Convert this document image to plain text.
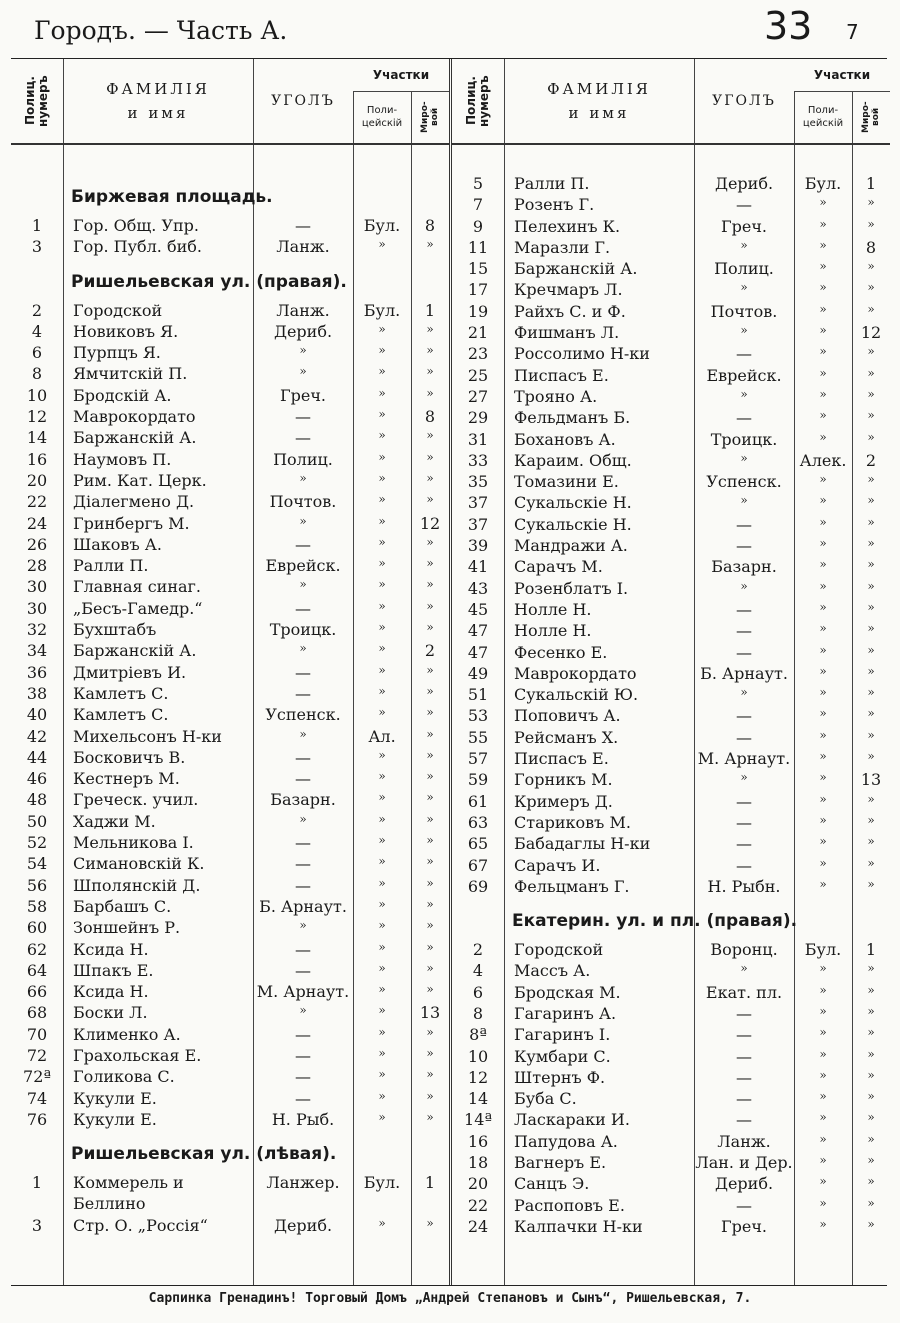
Городъ. — Часть А.	33 7
Полиц. нумеръ	ФАМИЛІЯ
и имя
УГОЛЪ
Участки
Поли- цейскій	Миро- вой
Биржевая площадь.
1	Гор. Общ. Упр.	—	Бул.	8
3	Гор. Публ. биб.	Ланж.	»	»
Ришельевская ул. (правая).
2	Городской	Ланж.	Бул.	1
4	Новиковъ Я.	Дериб.	»	»
6	Пурпцъ Я.	»	»	»
8	Ямчитскій П.	»	»	»
10	Бродскій А.	Греч.	»	»
12	Маврокордато	—	»	8
14	Баржанскій А.	—	»	»
16	Наумовъ П.	Полиц.	»	»
20	Рим. Кат. Церк.	»	»	»
22	Діалегмено Д.	Почтов.	»	»
24	Гринбергъ М.	»	»	12
26	Шаковъ А.	—	»	»
28	Ралли П.	Еврейск.	»	»
30	Главная синаг.	»	»	»
30	„Бесъ-Гамедр.“	—	»	»
32	Бухштабъ	Троицк.	»	»
34	Баржанскій А.	»	»	2
36	Дмитріевъ И.	—	»	»
38	Камлетъ С.	—	»	»
40	Камлетъ С.	Успенск.	»	»
42	Михельсонъ Н-ки	»	Ал.	»
44	Босковичъ В.	—	»	»
46	Кестнеръ М.	—	»	»
48	Греческ. учил.	Базарн.	»	»
50	Хаджи М.	»	»	»
52	Мельникова І.	—	»	»
54	Симановскій К.	—	»	»
56	Шполянскій Д.	—	»	»
58	Барбашъ С.	Б. Арнаут.	»	»
60	Зоншейнъ Р.	»	»	»
62	Ксида Н.	—	»	»
64	Шпакъ Е.	—	»	»
66	Ксида Н.	М. Арнаут.	»	»
68	Боски Л.	»	»	13
70	Клименко А.	—	»	»
72	Грахольская Е.	—	»	»
72ª	Голикова С.	—	»	»
74	Кукули Е.	—	»	»
76	Кукули Е.	Н. Рыб.	»	»
Ришельевская ул. (лѣвая).
1	Коммерель и	Ланжер.	Бул.	1
Беллино
3	Стр. О. „Россія“	Дериб.	»	»
Полиц. нумеръ	ФАМИЛІЯ
и имя
УГОЛЪ
Участки
Поли- цейскій	Миро- вой
5	Ралли П.	Дериб.	Бул.	1
7	Розенъ Г.	—	»	»
9	Пелехинъ К.	Греч.	»	»
11	Маразли Г.	»	»	8
15	Баржанскій А.	Полиц.	»	»
17	Кречмаръ Л.	»	»	»
19	Райхъ С. и Ф.	Почтов.	»	»
21	Фишманъ Л.	»	»	12
23	Россолимо Н-ки	—	»	»
25	Писпасъ Е.	Еврейск.	»	»
27	Трояно А.	»	»	»
29	Фельдманъ Б.	—	»	»
31	Бохановъ А.	Троицк.	»	»
33	Караим. Общ.	»	Алек.	2
35	Томазини Е.	Успенск.	»	»
37	Сукальскіе Н.	»	»	»
37	Сукальскіе Н.	—	»	»
39	Мандражи А.	—	»	»
41	Сарачъ М.	Базарн.	»	»
43	Розенблатъ I.	»	»	»
45	Нолле Н.	—	»	»
47	Нолле Н.	—	»	»
47	Фесенко Е.	—	»	»
49	Маврокордато	Б. Арнаут.	»	»
51	Сукальскій Ю.	»	»	»
53	Поповичъ А.	—	»	»
55	Рейсманъ Х.	—	»	»
57	Писпасъ Е.	М. Арнаут.	»	»
59	Горникъ М.	»	»	13
61	Кримеръ Д.	—	»	»
63	Стариковъ М.	—	»	»
65	Бабадаглы Н-ки	—	»	»
67	Сарачъ И.	—	»	»
69	Фельцманъ Г.	Н. Рыбн.	»	»
Екатерин. ул. и пл. (правая).
2	Городской	Воронц.	Бул.	1
4	Массъ А.	»	»	»
6	Бродская М.	Екат. пл.	»	»
8	Гагаринъ А.	—	»	»
8ª	Гагаринъ І.	—	»	»
10	Кумбари С.	—	»	»
12	Штернъ Ф.	—	»	»
14	Буба С.	—	»	»
14ª	Ласкараки И.	—	»	»
16	Папудова А.	Ланж.	»	»
18	Вагнеръ Е.	Лан. и Дер.	»	»
20	Санцъ Э.	Дериб.	»	»
22	Распоповъ Е.	—	»	»
24	Калпачки Н-ки	Греч.	»	»
Сарпинка Гренадинъ! Торговый Домъ „Андрей Степановъ и Сынъ“, Ришельевская, 7.
